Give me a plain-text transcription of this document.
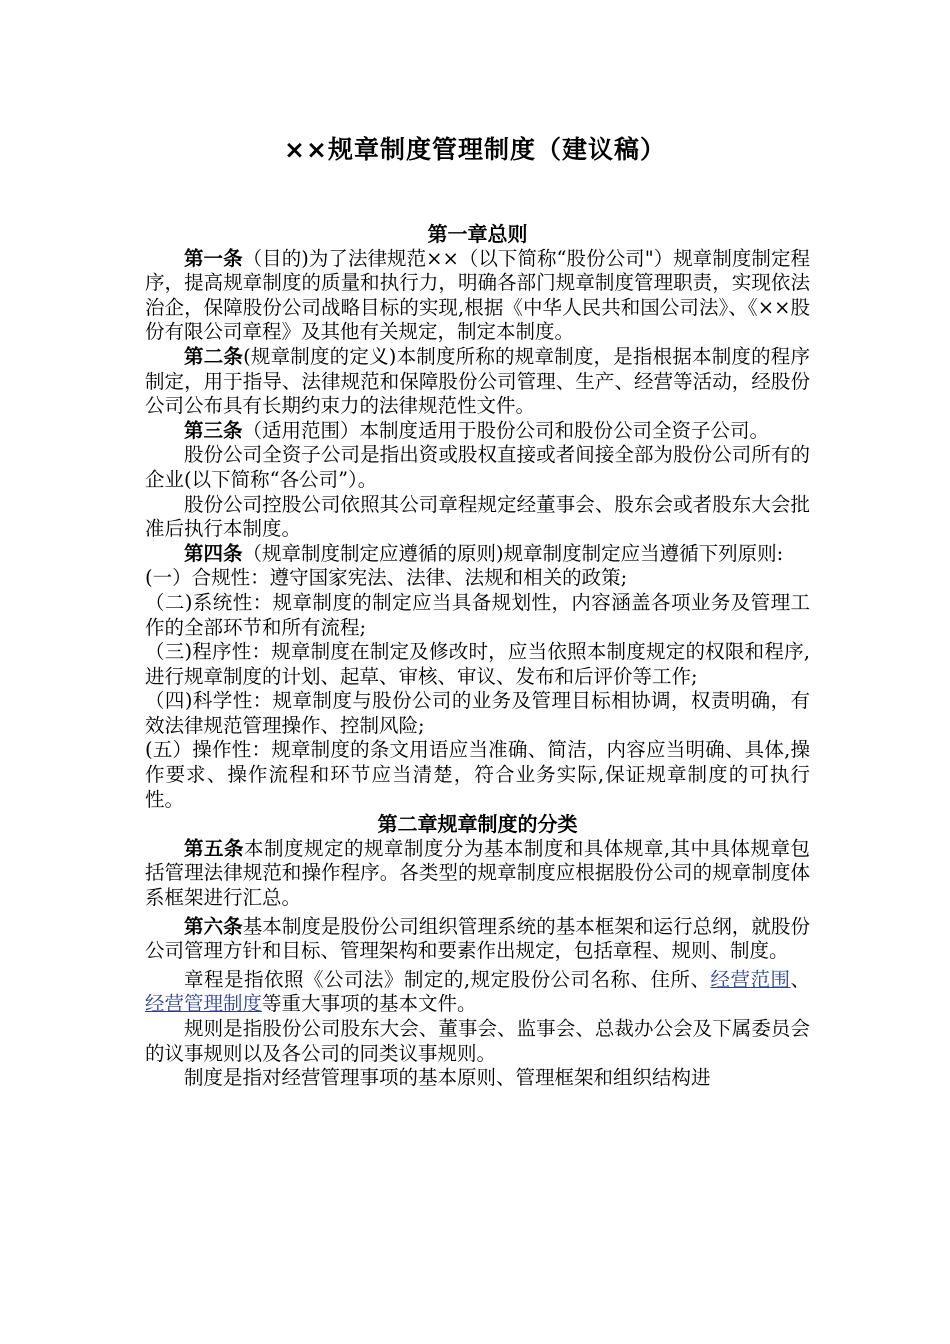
××规章制度管理制度（建议稿）

第一章总则

第一条（目的)为了法律规范××（以下简称“股份公司"）规章制度制定程序，提高规章制度的质量和执行力，明确各部门规章制度管理职责，实现依法治企，保障股份公司战略目标的实现,根据《中华人民共和国公司法》、《××股份有限公司章程》及其他有关规定，制定本制度。

第二条(规章制度的定义)本制度所称的规章制度，是指根据本制度的程序制定，用于指导、法律规范和保障股份公司管理、生产、经营等活动，经股份公司公布具有长期约束力的法律规范性文件。

第三条（适用范围）本制度适用于股份公司和股份公司全资子公司。

股份公司全资子公司是指出资或股权直接或者间接全部为股份公司所有的企业(以下简称“各公司”）。

股份公司控股公司依照其公司章程规定经董事会、股东会或者股东大会批准后执行本制度。

第四条（规章制度制定应遵循的原则)规章制度制定应当遵循下列原则:

(一）合规性：遵守国家宪法、法律、法规和相关的政策;

（二)系统性：规章制度的制定应当具备规划性，内容涵盖各项业务及管理工作的全部环节和所有流程;

（三)程序性：规章制度在制定及修改时，应当依照本制度规定的权限和程序,进行规章制度的计划、起草、审核、审议、发布和后评价等工作;

（四)科学性：规章制度与股份公司的业务及管理目标相协调，权责明确，有效法律规范管理操作、控制风险;

(五）操作性：规章制度的条文用语应当准确、简洁，内容应当明确、具体,操作要求、操作流程和环节应当清楚，符合业务实际,保证规章制度的可执行性。

第二章规章制度的分类

第五条本制度规定的规章制度分为基本制度和具体规章,其中具体规章包括管理法律规范和操作程序。各类型的规章制度应根据股份公司的规章制度体系框架进行汇总。

第六条基本制度是股份公司组织管理系统的基本框架和运行总纲，就股份公司管理方针和目标、管理架构和要素作出规定，包括章程、规则、制度。

章程是指依照《公司法》制定的,规定股份公司名称、住所、经营范围、经营管理制度等重大事项的基本文件。

规则是指股份公司股东大会、董事会、监事会、总裁办公会及下属委员会的议事规则以及各公司的同类议事规则。

制度是指对经营管理事项的基本原则、管理框架和组织结构进
